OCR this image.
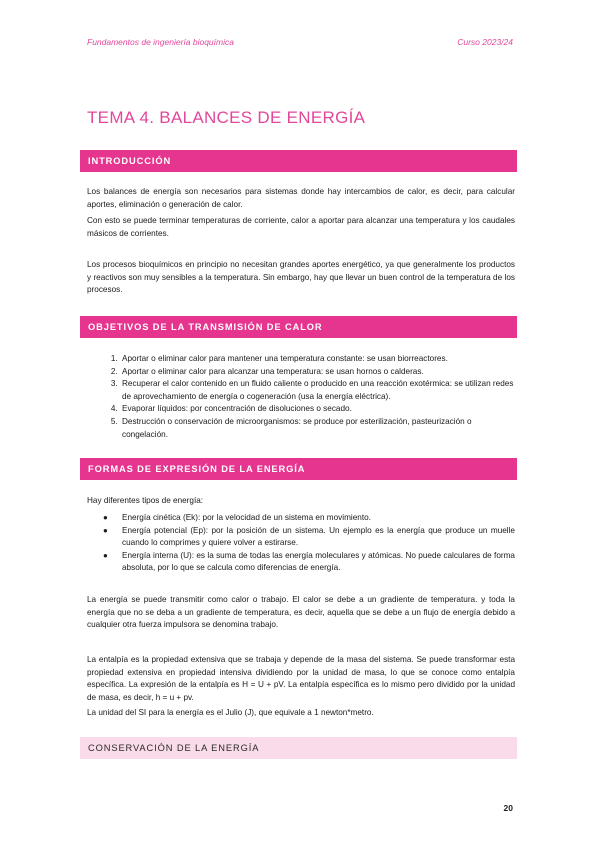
Fundamentos de ingeniería bioquímica	Curso 2023/24
TEMA 4. BALANCES DE ENERGÍA
INTRODUCCIÓN

Los balances de energía son necesarios para sistemas donde hay intercambios de calor, es decir, para calcular aportes, eliminación o generación de calor.

Con esto se puede terminar temperaturas de corriente, calor a aportar para alcanzar una temperatura y los caudales másicos de corrientes.

Los procesos bioquímicos en principio no necesitan grandes aportes energético, ya que generalmente los productos y reactivos son muy sensibles a la temperatura. Sin embargo, hay que llevar un buen control de la temperatura de los procesos.

OBJETIVOS DE LA TRANSMISIÓN DE CALOR
1. Aportar o eliminar calor para mantener una temperatura constante: se usan biorreactores.
2. Aportar o eliminar calor para alcanzar una temperatura: se usan hornos o calderas.
3. Recuperar el calor contenido en un fluido caliente o producido en una reacción exotérmica: se utilizan redes de aprovechamiento de energía o cogeneración (usa la energía eléctrica).
4. Evaporar líquidos: por concentración de disoluciones o secado.
5. Destrucción o conservación de microorganismos: se produce por esterilización, pasteurización o congelación.
FORMAS DE EXPRESIÓN DE LA ENERGÍA

Hay diferentes tipos de energía:

● Energía cinética (Ek): por la velocidad de un sistema en movimiento.
● Energía potencial (Ep): por la posición de un sistema. Un ejemplo es la energía que produce un muelle cuando lo comprimes y quiere volver a estirarse.
● Energía interna (U): es la suma de todas las energía moleculares y atómicas. No puede calculares de forma absoluta, por lo que se calcula como diferencias de energía.

La energía se puede transmitir como calor o trabajo. El calor se debe a un gradiente de temperatura. y toda la energía que no se deba a un gradiente de temperatura, es decir, aquella que se debe a un flujo de energía debido a cualquier otra fuerza impulsora se denomina trabajo.

La entalpía es la propiedad extensiva que se trabaja y depende de la masa del sistema. Se puede transformar esta propiedad extensiva en propiedad intensiva dividiendo por la unidad de masa, lo que se conoce como entalpía específica. La expresión de la entalpía es H = U + pV. La entalpía específica es lo mismo pero dividido por la unidad de masa, es decir, h = u + pv.

La unidad del SI para la energía es el Julio (J), que equivale a 1 newton*metro.

CONSERVACIÓN DE LA ENERGÍA
20
